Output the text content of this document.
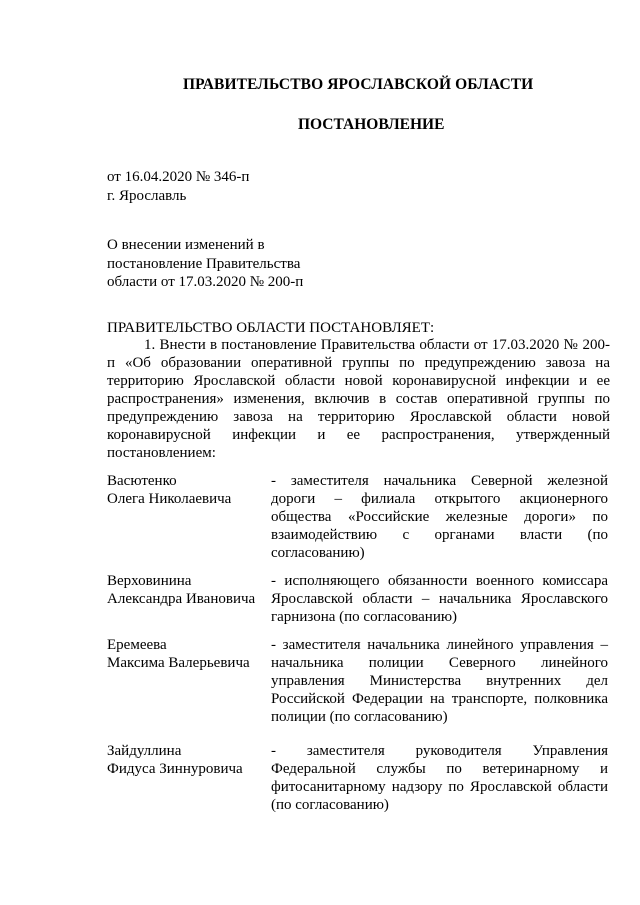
ПРАВИТЕЛЬСТВО ЯРОСЛАВСКОЙ ОБЛАСТИ
ПОСТАНОВЛЕНИЕ
от 16.04.2020 № 346-п
г. Ярославль
О внесении изменений в
постановление Правительства
области от 17.03.2020 № 200-п
ПРАВИТЕЛЬСТВО ОБЛАСТИ ПОСТАНОВЛЯЕТ:

1. Внести в постановление Правительства области от 17.03.2020 № 200-п «Об образовании оперативной группы по предупреждению завоза на территорию Ярославской области новой коронавирусной инфекции и ее распространения» изменения, включив в состав оперативной группы по предупреждению завоза на территорию Ярославской области новой коронавирусной инфекции и ее распространения, утвержденный постановлением:

Васютенко
Олега Николаевича
- заместителя начальника Северной железной дороги – филиала открытого акционерного общества «Российские железные дороги» по взаимодействию с органами власти (по согласованию)
Верховинина
Александра Ивановича
- исполняющего обязанности военного комиссара Ярославской области – начальника Ярославского гарнизона (по согласованию)
Еремеева
Максима Валерьевича
- заместителя начальника линейного управления – начальника полиции Северного линейного управления Министерства внутренних дел Российской Федерации на транспорте, полковника полиции (по согласованию)
Зайдуллина
Фидуса Зиннуровича
- заместителя руководителя Управления Федеральной службы по ветеринарному и фитосанитарному надзору по Ярославской области (по согласованию)
